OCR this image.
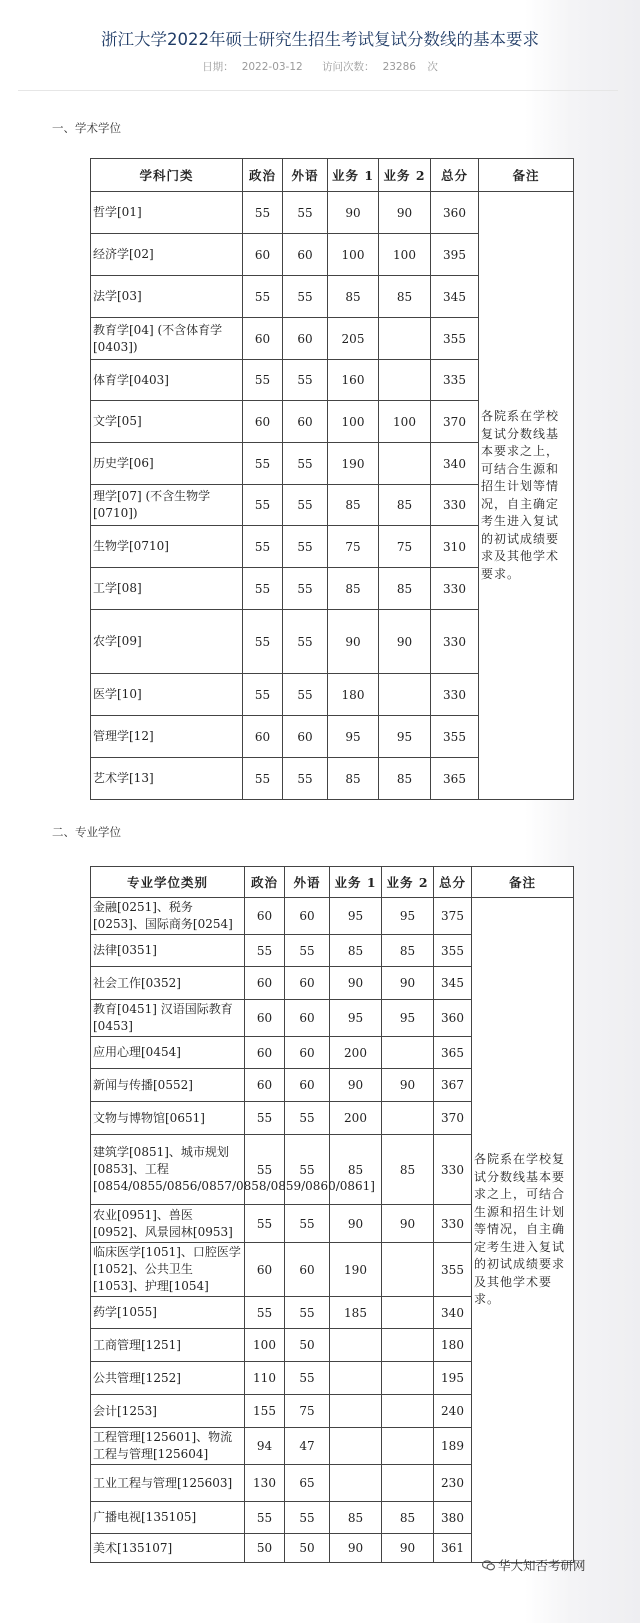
浙江大学2022年硕士研究生招生考试复试分数线的基本要求
日期： 2022-03-12 访问次数： 23286 次
一、学术学位
学科门类	政治	外语	业务 1	业务 2	总分	备注
哲学[01]	55	55	90	90	360	各院系在学校复试分数线基本要求之上，可结合生源和招生计划等情况，自主确定考生进入复试的初试成绩要求及其他学术要求。
经济学[02]	60	60	100	100	395	
法学[03]	55	55	85	85	345	
教育学[04] (不含体育学[0403])	60	60	205		355	
体育学[0403]	55	55	160		335	
文学[05]	60	60	100	100	370	
历史学[06]	55	55	190		340	
理学[07] (不含生物学[0710])	55	55	85	85	330	
生物学[0710]	55	55	75	75	310	
工学[08]	55	55	85	85	330	
农学[09]	55	55	90	90	330	
医学[10]	55	55	180		330	
管理学[12]	60	60	95	95	355	
艺术学[13]	55	55	85	85	365	
二、专业学位
专业学位类别	政治	外语	业务 1	业务 2	总分	备注
金融[0251]、税务[0253]、国际商务[0254]	60	60	95	95	375	各院系在学校复试分数线基本要求之上，可结合生源和招生计划等情况，自主确定考生进入复试的初试成绩要求及其他学术要求。
法律[0351]	55	55	85	85	355	
社会工作[0352]	60	60	90	90	345	
教育[0451] 汉语国际教育[0453]	60	60	95	95	360	
应用心理[0454]	60	60	200		365	
新闻与传播[0552]	60	60	90	90	367	
文物与博物馆[0651]	55	55	200		370	
建筑学[0851]、城市规划[0853]、工程[0854/0855/0856/0857/0858/0859/0860/0861]	55	55	85	85	330	
农业[0951]、兽医[0952]、风景园林[0953]	55	55	90	90	330	
临床医学[1051]、口腔医学[1052]、公共卫生[1053]、护理[1054]	60	60	190		355	
药学[1055]	55	55	185		340	
工商管理[1251]	100	50			180	
公共管理[1252]	110	55			195	
会计[1253]	155	75			240	
工程管理[125601]、物流工程与管理[125604]	94	47			189	
工业工程与管理[125603]	130	65			230	
广播电视[135105]	55	55	85	85	380	
美术[135107]	50	50	90	90	361	
华大知否考研网
